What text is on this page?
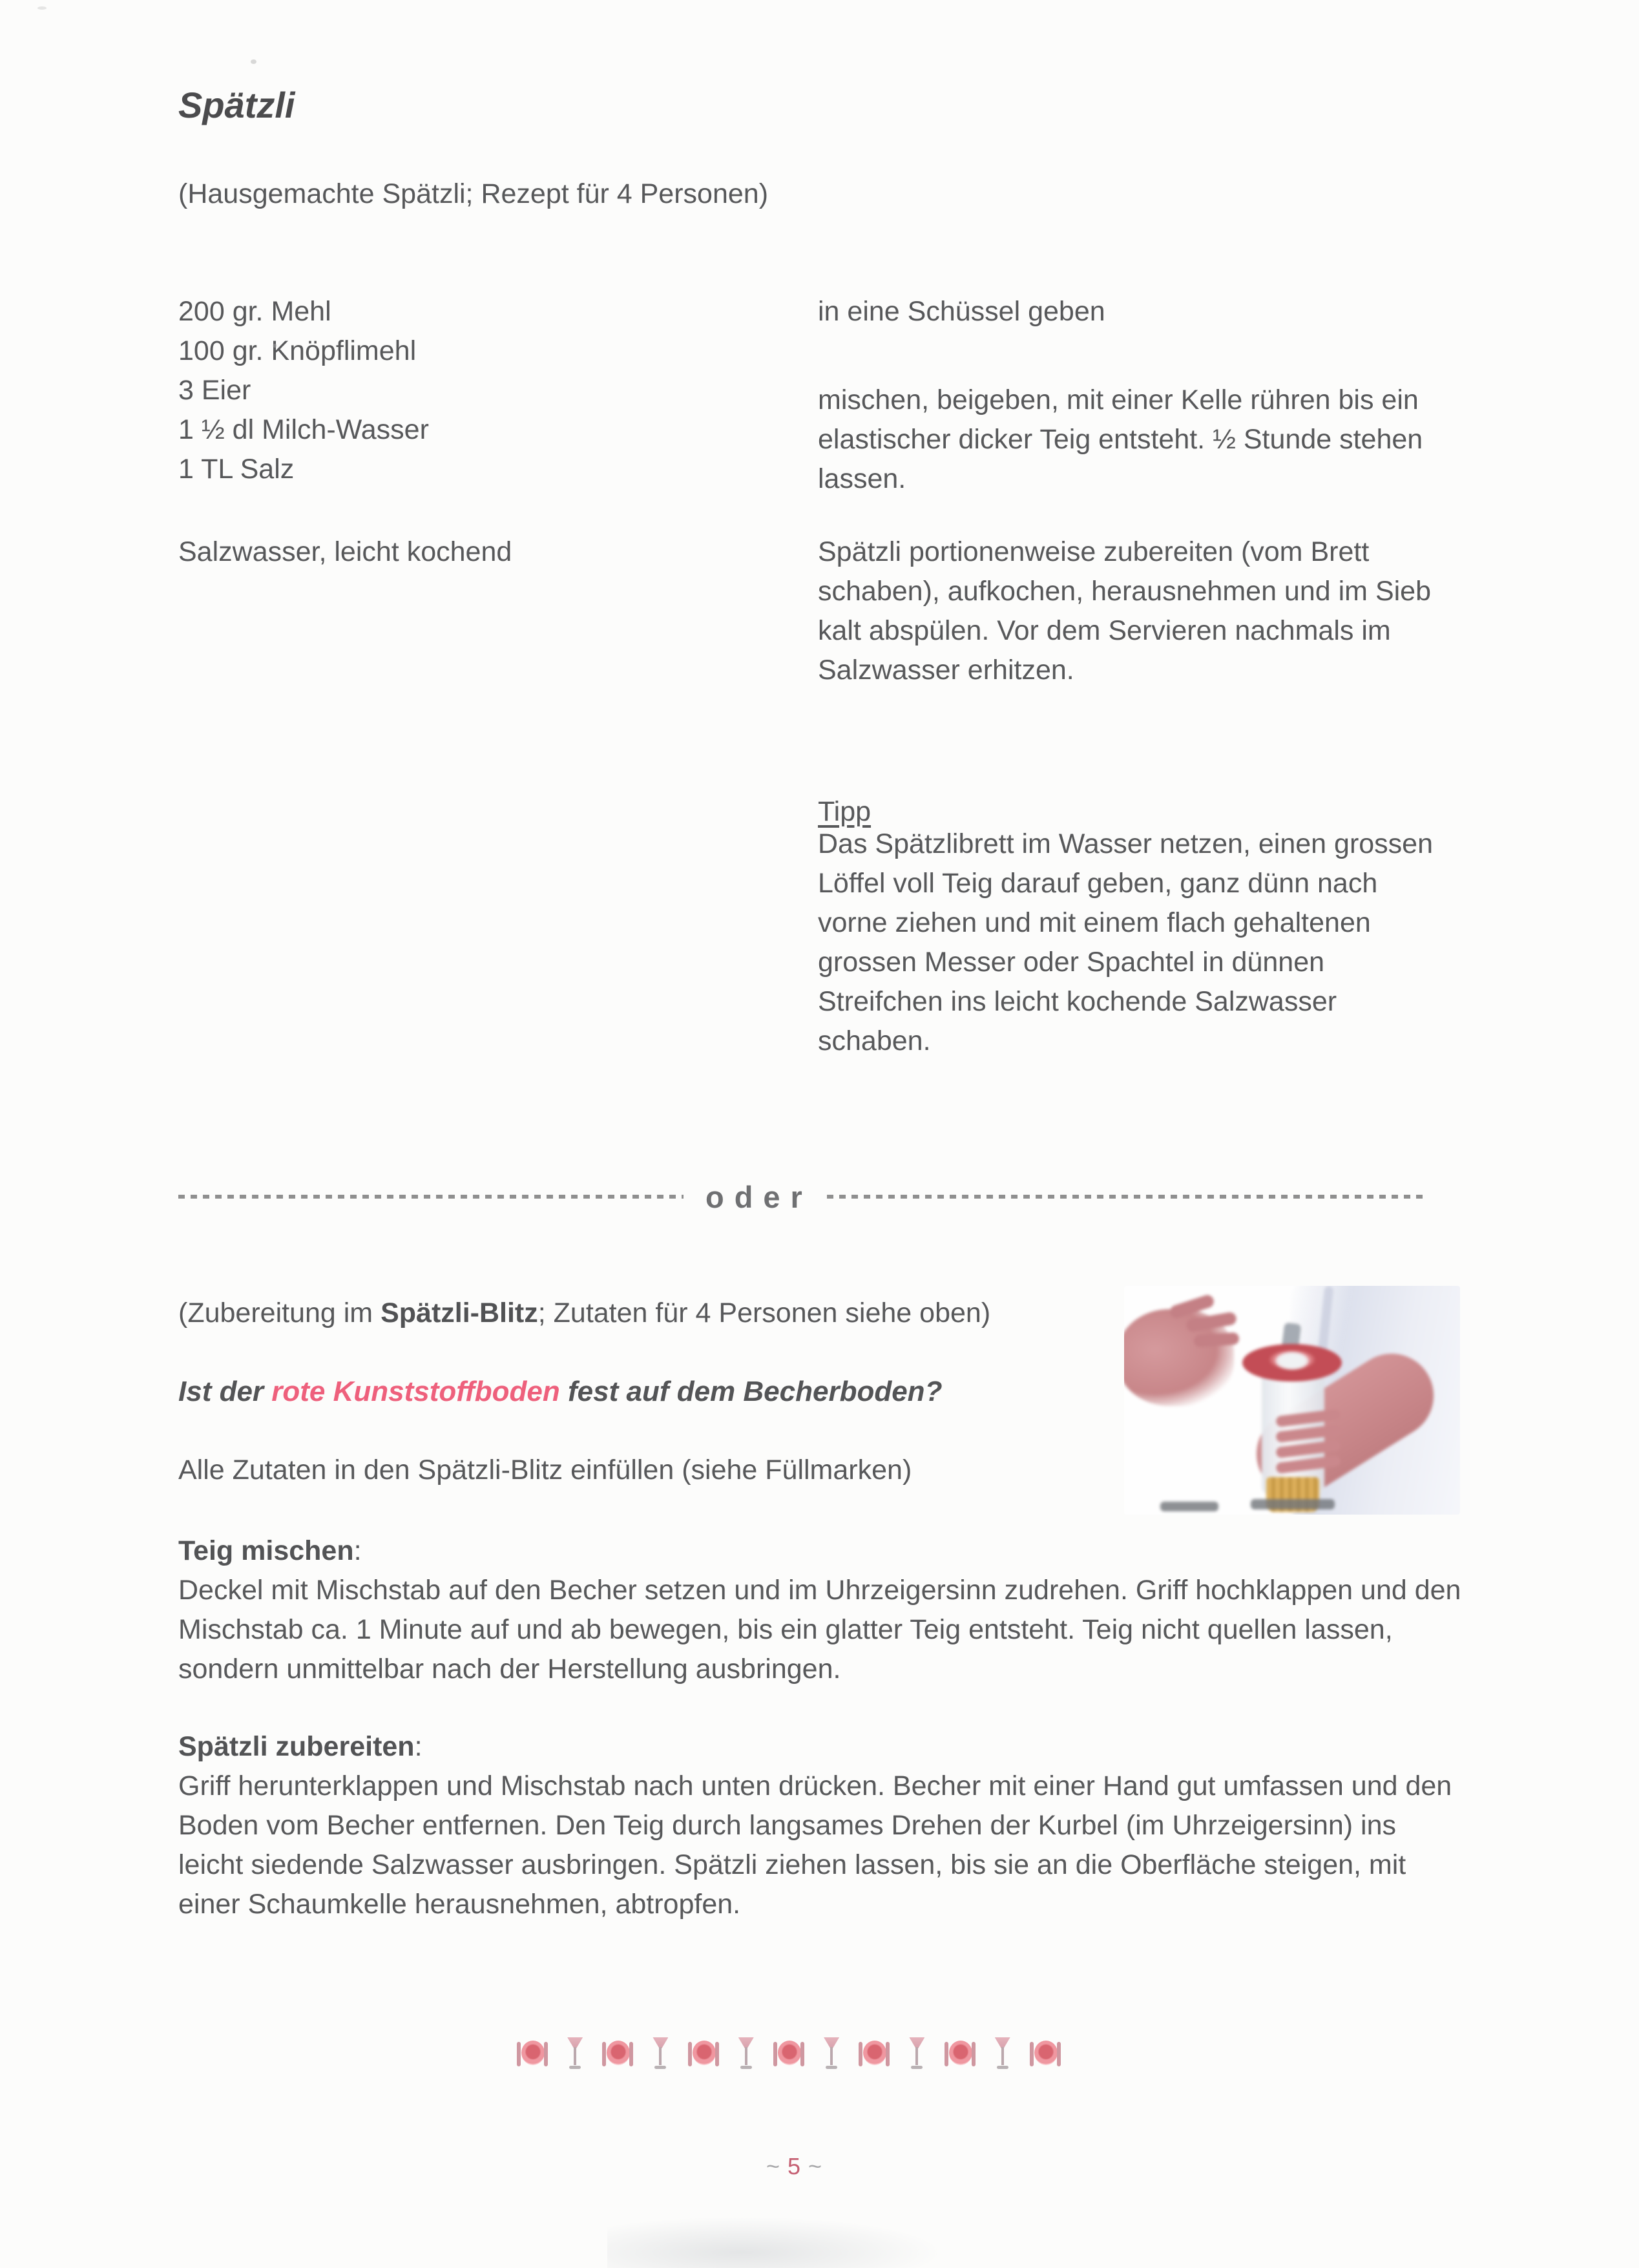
Spätzli

(Hausgemachte Spätzli; Rezept für 4 Personen)

200 gr. Mehl
100 gr. Knöpflimehl
3 Eier
1 ½ dl Milch-Wasser
1 TL Salz

Salzwasser, leicht kochend

in eine Schüssel geben

mischen, beigeben, mit einer Kelle rühren bis ein elastischer dicker Teig entsteht. ½ Stunde stehen lassen.

Spätzli portionenweise zubereiten (vom Brett schaben), aufkochen, herausnehmen und im Sieb kalt abspülen. Vor dem Servieren nachmals im Salzwasser erhitzen.

Tipp

Das Spätzlibrett im Wasser netzen, einen grossen Löffel voll Teig darauf geben, ganz dünn nach vorne ziehen und mit einem flach gehaltenen grossen Messer oder Spachtel in dünnen Streifchen ins leicht kochende Salzwasser schaben.

oder

(Zubereitung im Spätzli-Blitz; Zutaten für 4 Personen siehe oben)

Ist der rote Kunststoffboden fest auf dem Becherboden?

Alle Zutaten in den Spätzli-Blitz einfüllen (siehe Füllmarken)

Teig mischen:
Deckel mit Mischstab auf den Becher setzen und im Uhrzeigersinn zudrehen. Griff hochklappen und den Mischstab ca. 1 Minute auf und ab bewegen, bis ein glatter Teig entsteht. Teig nicht quellen lassen, sondern unmittelbar nach der Herstellung ausbringen.
Spätzli zubereiten:
Griff herunterklappen und Mischstab nach unten drücken. Becher mit einer Hand gut umfassen und den Boden vom Becher entfernen. Den Teig durch langsames Drehen der Kurbel (im Uhrzeigersinn) ins leicht siedende Salzwasser ausbringen. Spätzli ziehen lassen, bis sie an die Oberfläche steigen, mit einer Schaumkelle herausnehmen, abtropfen.
~ 5 ~
